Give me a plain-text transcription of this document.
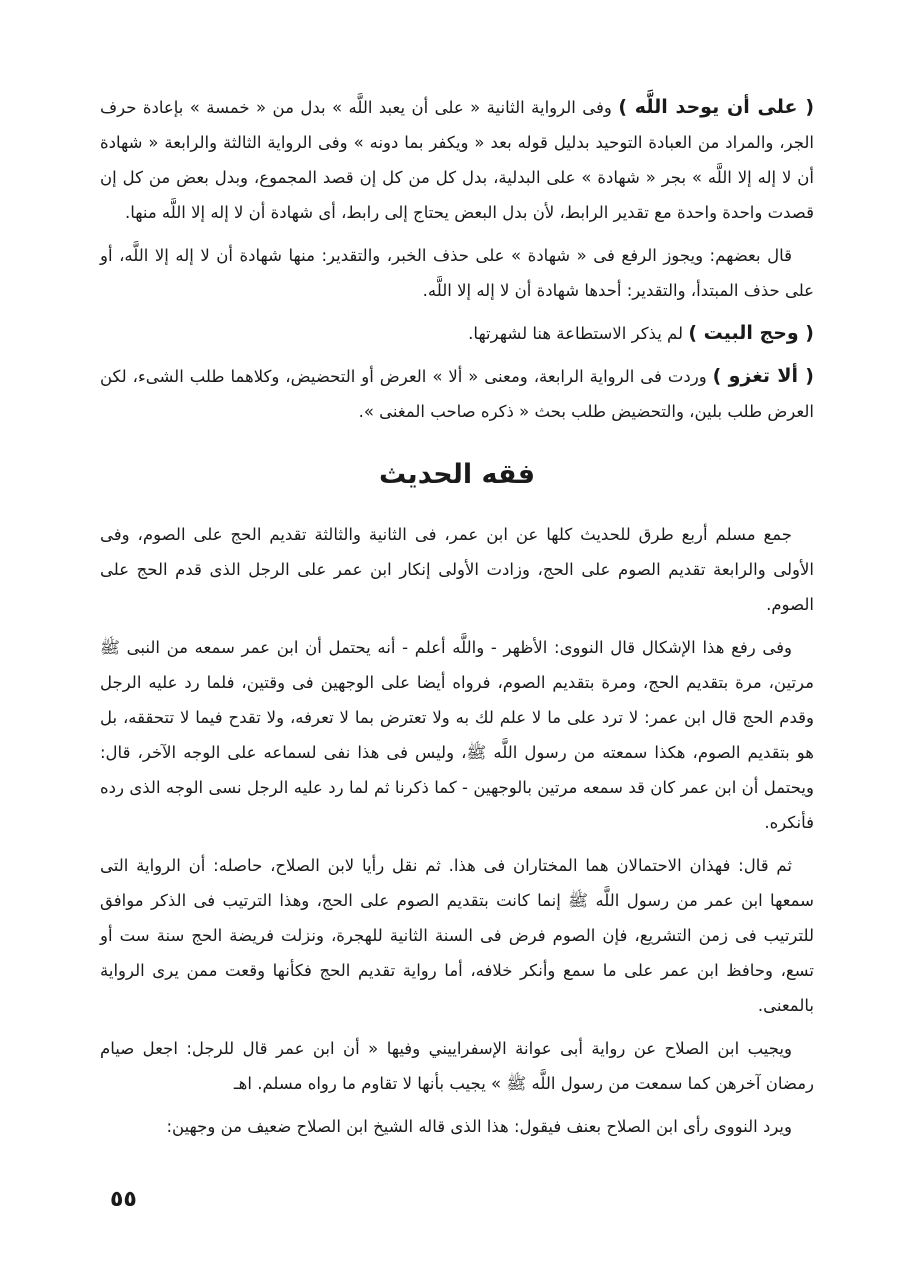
( على أن يوحد اللَّه ) وفى الرواية الثانية « على أن يعبد اللَّه » بدل من « خمسة » بإعادة حرف الجر، والمراد من العبادة التوحيد بدليل قوله بعد « ويكفر بما دونه » وفى الرواية الثالثة والرابعة « شهادة أن لا إله إلا اللَّه » بجر « شهادة » على البدلية، بدل كل من كل إن قصد المجموع، وبدل بعض من كل إن قصدت واحدة واحدة مع تقدير الرابط، لأن بدل البعض يحتاج إلى رابط، أى شهادة أن لا إله إلا اللَّه منها.

قال بعضهم: ويجوز الرفع فى « شهادة » على حذف الخبر، والتقدير: منها شهادة أن لا إله إلا اللَّه، أو على حذف المبتدأ، والتقدير: أحدها شهادة أن لا إله إلا اللَّه.

( وحج البيت ) لم يذكر الاستطاعة هنا لشهرتها.

( ألا تغزو ) وردت فى الرواية الرابعة، ومعنى « ألا » العرض أو التحضيض، وكلاهما طلب الشىء، لكن العرض طلب بلين، والتحضيض طلب بحث « ذكره صاحب المغنى ».

فقه الحديث

جمع مسلم أربع طرق للحديث كلها عن ابن عمر، فى الثانية والثالثة تقديم الحج على الصوم، وفى الأولى والرابعة تقديم الصوم على الحج، وزادت الأولى إنكار ابن عمر على الرجل الذى قدم الحج على الصوم.

وفى رفع هذا الإشكال قال النووى: الأظهر - واللَّه أعلم - أنه يحتمل أن ابن عمر سمعه من النبى ﷺ مرتين، مرة بتقديم الحج، ومرة بتقديم الصوم، فرواه أيضا على الوجهين فى وقتين، فلما رد عليه الرجل وقدم الحج قال ابن عمر: لا ترد على ما لا علم لك به ولا تعترض بما لا تعرفه، ولا تقدح فيما لا تتحققه، بل هو بتقديم الصوم، هكذا سمعته من رسول اللَّه ﷺ، وليس فى هذا نفى لسماعه على الوجه الآخر، قال: ويحتمل أن ابن عمر كان قد سمعه مرتين بالوجهين - كما ذكرنا ثم لما رد عليه الرجل نسى الوجه الذى رده فأنكره.

ثم قال: فهذان الاحتمالان هما المختاران فى هذا. ثم نقل رأيا لابن الصلاح، حاصله: أن الرواية التى سمعها ابن عمر من رسول اللَّه ﷺ إنما كانت بتقديم الصوم على الحج، وهذا الترتيب فى الذكر موافق للترتيب فى زمن التشريع، فإن الصوم فرض فى السنة الثانية للهجرة، ونزلت فريضة الحج سنة ست أو تسع، وحافظ ابن عمر على ما سمع وأنكر خلافه، أما رواية تقديم الحج فكأنها وقعت ممن يرى الرواية بالمعنى.

ويجيب ابن الصلاح عن رواية أبى عوانة الإسفراييني وفيها « أن ابن عمر قال للرجل: اجعل صيام رمضان آخرهن كما سمعت من رسول اللَّه ﷺ » يجيب بأنها لا تقاوم ما رواه مسلم. اهـ

ويرد النووى رأى ابن الصلاح بعنف فيقول: هذا الذى قاله الشيخ ابن الصلاح ضعيف من وجهين:

٥٥
